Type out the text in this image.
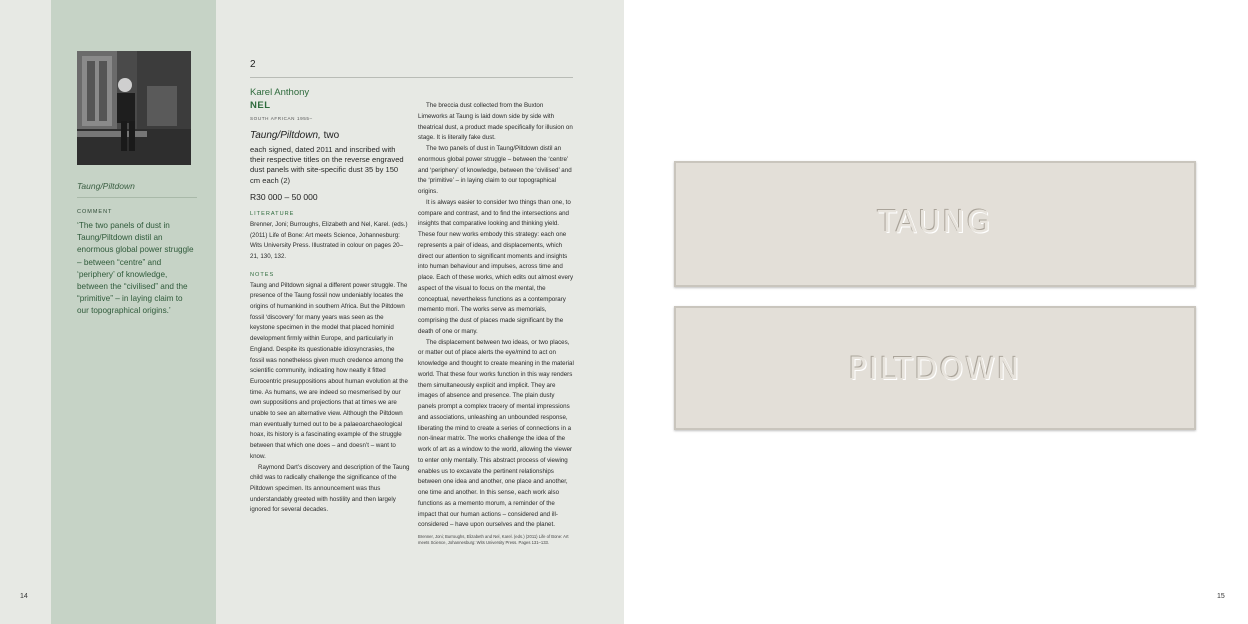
Taung/Piltdown
COMMENT
‘The two panels of dust in Taung/Piltdown distil an enormous global power struggle – between “centre” and ‘periphery’ of knowledge, between the “civilised” and the “primitive” – in laying claim to our topographical origins.’
2
Karel Anthony
NEL
SOUTH AFRICAN 1955–
Taung/Piltdown, two
each signed, dated 2011 and inscribed with their respective titles on the reverse engraved dust panels with site-specific dust 35 by 150 cm each (2)
R30 000 – 50 000
LITERATURE
Brenner, Joni; Burroughs, Elizabeth and Nel, Karel. (eds.) (2011) Life of Bone: Art meets Science, Johannesburg: Wits University Press. Illustrated in colour on pages 20–21, 130, 132.
NOTES

Taung and Piltdown signal a different power struggle. The presence of the Taung fossil now undeniably locates the origins of humankind in southern Africa. But the Piltdown fossil ‘discovery’ for many years was seen as the keystone specimen in the model that placed hominid development firmly within Europe, and particularly in England. Despite its questionable idiosyncrasies, the fossil was nonetheless given much credence among the scientific community, indicating how neatly it fitted Eurocentric presuppositions about human evolution at the time. As humans, we are indeed so mesmerised by our own suppositions and projections that at times we are unable to see an alternative view. Although the Piltdown man eventually turned out to be a palaeoarchaeological hoax, its history is a fascinating example of the struggle between that which one does – and doesn’t – want to know.

Raymond Dart’s discovery and description of the Taung child was to radically challenge the significance of the Piltdown specimen. Its announcement was thus understandably greeted with hostility and then largely ignored for several decades.

The breccia dust collected from the Buxton Limeworks at Taung is laid down side by side with theatrical dust, a product made specifically for illusion on stage. It is literally fake dust.

The two panels of dust in Taung/Piltdown distil an enormous global power struggle – between the ‘centre’ and ‘periphery’ of knowledge, between the ‘civilised’ and the ‘primitive’ – in laying claim to our topographical origins.

It is always easier to consider two things than one, to compare and contrast, and to find the intersections and insights that comparative looking and thinking yield. These four new works embody this strategy: each one represents a pair of ideas, and displacements, which direct our attention to significant moments and insights into human behaviour and impulses, across time and place. Each of these works, which edits out almost every aspect of the visual to focus on the mental, the conceptual, nevertheless functions as a contemporary memento mori. The works serve as memorials, comprising the dust of places made significant by the death of one or many.

The displacement between two ideas, or two places, or matter out of place alerts the eye/mind to act on knowledge and thought to create meaning in the material world. That these four works function in this way renders them simultaneously explicit and implicit. They are images of absence and presence. The plain dusty panels prompt a complex tracery of mental impressions and associations, unleashing an unbounded response, liberating the mind to create a series of connections in a non-linear matrix. The works challenge the idea of the work of art as a window to the world, allowing the viewer to enter only mentally. This abstract process of viewing enables us to excavate the pertinent relationships between one idea and another, one place and another, one time and another. In this sense, each work also functions as a memento morum, a reminder of the impact that our human actions – considered and ill-considered – have upon ourselves and the planet.

Brenner, Joni; Burroughs, Elizabeth and Nel, Karel. (eds.) (2011) Life of Bone: Art meets Science, Johannesburg: Wits University Press. Pages 131–133.

14	15
TAUNG
PILTDOWN
